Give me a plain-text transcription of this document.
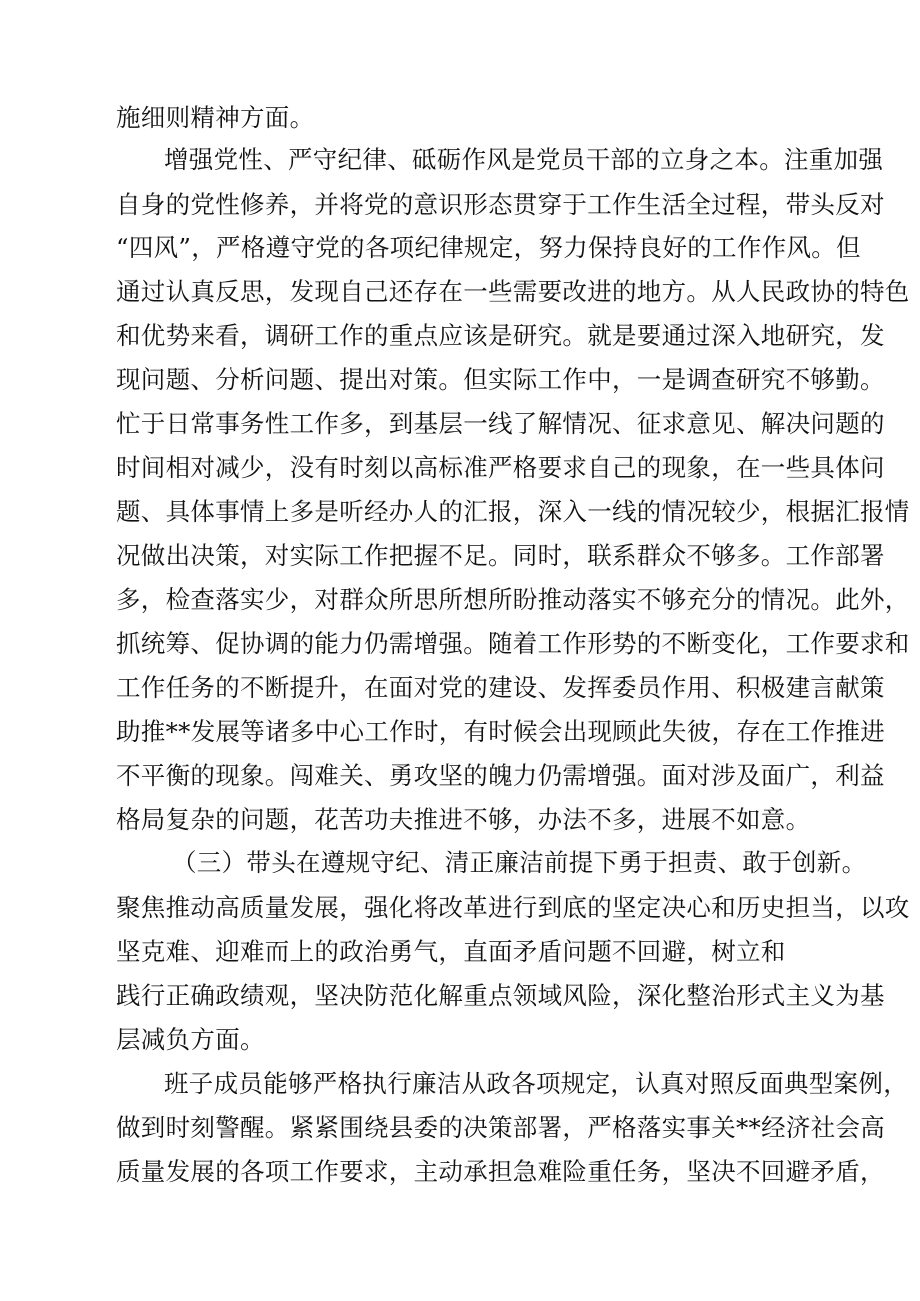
施细则精神方面。
增强党性、严守纪律、砥砺作风是党员干部的立身之本。注重加强
自身的党性修养，并将党的意识形态贯穿于工作生活全过程，带头反对
“四风”，严格遵守党的各项纪律规定，努力保持良好的工作作风。但
通过认真反思，发现自己还存在一些需要改进的地方。从人民政协的特色
和优势来看，调研工作的重点应该是研究。就是要通过深入地研究，发
现问题、分析问题、提出对策。但实际工作中，一是调查研究不够勤。
忙于日常事务性工作多，到基层一线了解情况、征求意见、解决问题的
时间相对减少，没有时刻以高标准严格要求自己的现象，在一些具体问
题、具体事情上多是听经办人的汇报，深入一线的情况较少，根据汇报情
况做出决策，对实际工作把握不足。同时，联系群众不够多。工作部署
多，检查落实少，对群众所思所想所盼推动落实不够充分的情况。此外，
抓统筹、促协调的能力仍需增强。随着工作形势的不断变化，工作要求和
工作任务的不断提升，在面对党的建设、发挥委员作用、积极建言献策
助推**发展等诸多中心工作时，有时候会出现顾此失彼，存在工作推进
不平衡的现象。闯难关、勇攻坚的魄力仍需增强。面对涉及面广，利益
格局复杂的问题，花苦功夫推进不够，办法不多，进展不如意。
（三）带头在遵规守纪、清正廉洁前提下勇于担责、敢于创新。
聚焦推动高质量发展，强化将改革进行到底的坚定决心和历史担当，以攻
坚克难、迎难而上的政治勇气，直面矛盾问题不回避，树立和
践行正确政绩观，坚决防范化解重点领域风险，深化整治形式主义为基
层减负方面。
班子成员能够严格执行廉洁从政各项规定，认真对照反面典型案例，
做到时刻警醒。紧紧围绕县委的决策部署，严格落实事关**经济社会高
质量发展的各项工作要求，主动承担急难险重任务，坚决不回避矛盾，
